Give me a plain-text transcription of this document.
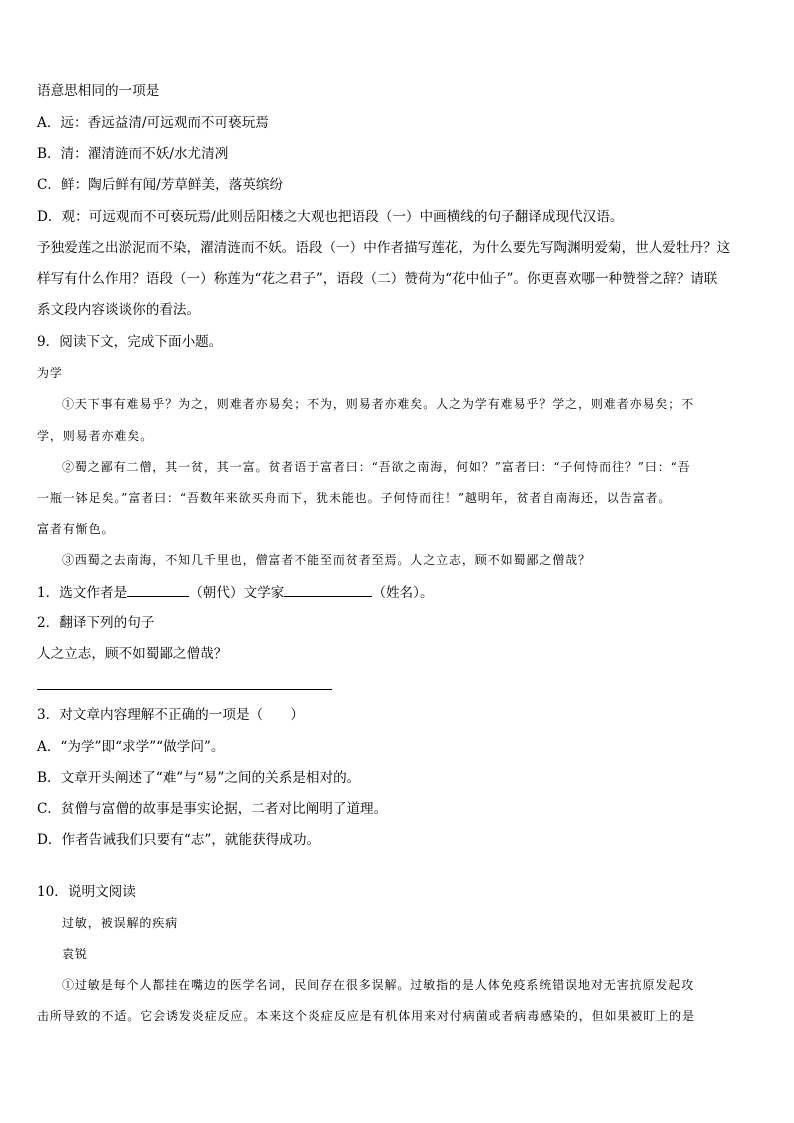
语意思相同的一项是
A．远：香远益清/可远观而不可亵玩焉
B．清：濯清涟而不妖/水尤清冽
C．鲜：陶后鲜有闻/芳草鲜美，落英缤纷
D．观：可远观而不可亵玩焉/此则岳阳楼之大观也把语段（一）中画横线的句子翻译成现代汉语。
予独爱莲之出淤泥而不染，濯清涟而不妖。语段（一）中作者描写莲花，为什么要先写陶渊明爱菊，世人爱牡丹？这
样写有什么作用？语段（一）称莲为“花之君子”，语段（二）赞荷为“花中仙子”。你更喜欢哪一种赞誉之辞？请联
系文段内容谈谈你的看法。
9．阅读下文，完成下面小题。
为学
①天下事有难易乎？为之，则难者亦易矣；不为，则易者亦难矣。人之为学有难易乎？学之，则难者亦易矣；不
学，则易者亦难矣。
②蜀之鄙有二僧，其一贫，其一富。贫者语于富者曰：“吾欲之南海，何如？”富者曰：“子何恃而往？”曰：“吾
一瓶一钵足矣。”富者曰：“吾数年来欲买舟而下，犹未能也。子何恃而往！”越明年，贫者自南海还，以告富者。
富者有惭色。
③西蜀之去南海，不知几千里也，僧富者不能至而贫者至焉。人之立志，顾不如蜀鄙之僧哉？
1．选文作者是	（朝代）文学家	（姓名）。
2．翻译下列的句子
人之立志，顾不如蜀鄙之僧哉？
3．对文章内容理解不正确的一项是（　　）
A．“为学”即“求学”“做学问”。
B．文章开头阐述了“难”与“易”之间的关系是相对的。
C．贫僧与富僧的故事是事实论据，二者对比阐明了道理。
D．作者告诫我们只要有“志”，就能获得成功。
10．说明文阅读
过敏，被误解的疾病
袁锐
①过敏是每个人都挂在嘴边的医学名词，民间存在很多误解。过敏指的是人体免疫系统错误地对无害抗原发起攻
击所导致的不适。它会诱发炎症反应。本来这个炎症反应是有机体用来对付病菌或者病毒感染的，但如果被盯上的是
